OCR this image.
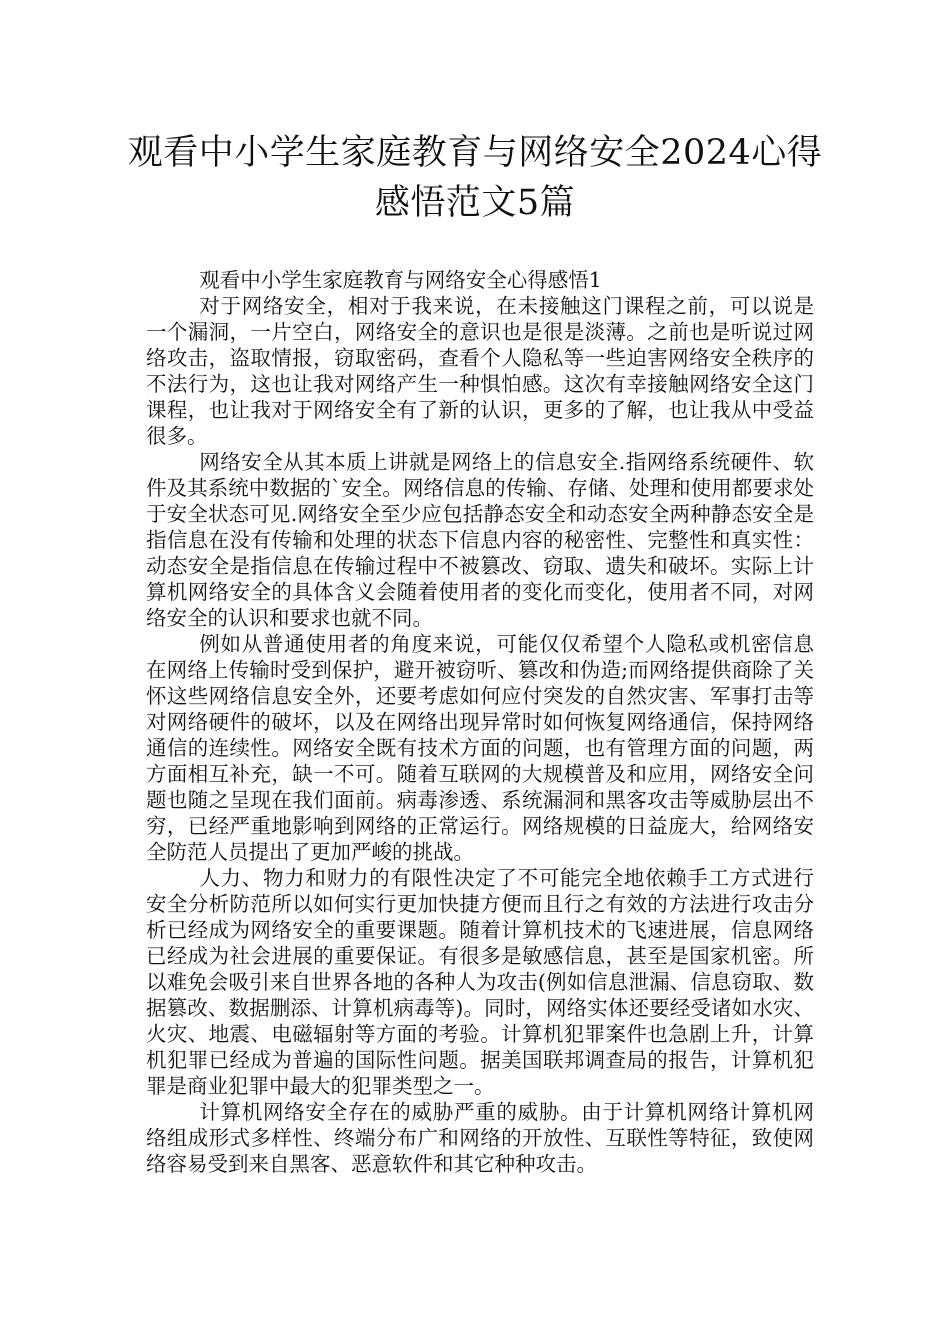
观看中小学生家庭教育与网络安全2024心得感悟范文5篇

观看中小学生家庭教育与网络安全心得感悟1

对于网络安全，相对于我来说，在未接触这门课程之前，可以说是一个漏洞，一片空白，网络安全的意识也是很是淡薄。之前也是听说过网络攻击，盗取情报，窃取密码，查看个人隐私等一些迫害网络安全秩序的不法行为，这也让我对网络产生一种惧怕感。这次有幸接触网络安全这门课程，也让我对于网络安全有了新的认识，更多的了解，也让我从中受益很多。

网络安全从其本质上讲就是网络上的信息安全.指网络系统硬件、软件及其系统中数据的`安全。网络信息的传输、存储、处理和使用都要求处于安全状态可见.网络安全至少应包括静态安全和动态安全两种静态安全是指信息在没有传输和处理的状态下信息内容的秘密性、完整性和真实性：动态安全是指信息在传输过程中不被篡改、窃取、遗失和破坏。实际上计算机网络安全的具体含义会随着使用者的变化而变化，使用者不同，对网络安全的认识和要求也就不同。

例如从普通使用者的角度来说，可能仅仅希望个人隐私或机密信息在网络上传输时受到保护，避开被窃听、篡改和伪造;而网络提供商除了关怀这些网络信息安全外，还要考虑如何应付突发的自然灾害、军事打击等对网络硬件的破坏，以及在网络出现异常时如何恢复网络通信，保持网络通信的连续性。网络安全既有技术方面的问题，也有管理方面的问题，两方面相互补充，缺一不可。随着互联网的大规模普及和应用，网络安全问题也随之呈现在我们面前。病毒渗透、系统漏洞和黑客攻击等威胁层出不穷，已经严重地影响到网络的正常运行。网络规模的日益庞大，给网络安全防范人员提出了更加严峻的挑战。

人力、物力和财力的有限性决定了不可能完全地依赖手工方式进行安全分析防范所以如何实行更加快捷方便而且行之有效的方法进行攻击分析已经成为网络安全的重要课题。随着计算机技术的飞速进展，信息网络已经成为社会进展的重要保证。有很多是敏感信息，甚至是国家机密。所以难免会吸引来自世界各地的各种人为攻击(例如信息泄漏、信息窃取、数据篡改、数据删添、计算机病毒等)。同时，网络实体还要经受诸如水灾、火灾、地震、电磁辐射等方面的考验。计算机犯罪案件也急剧上升，计算机犯罪已经成为普遍的国际性问题。据美国联邦调查局的报告，计算机犯罪是商业犯罪中最大的犯罪类型之一。

计算机网络安全存在的威胁严重的威胁。由于计算机网络计算机网络组成形式多样性、终端分布广和网络的开放性、互联性等特征，致使网络容易受到来自黑客、恶意软件和其它种种攻击。
